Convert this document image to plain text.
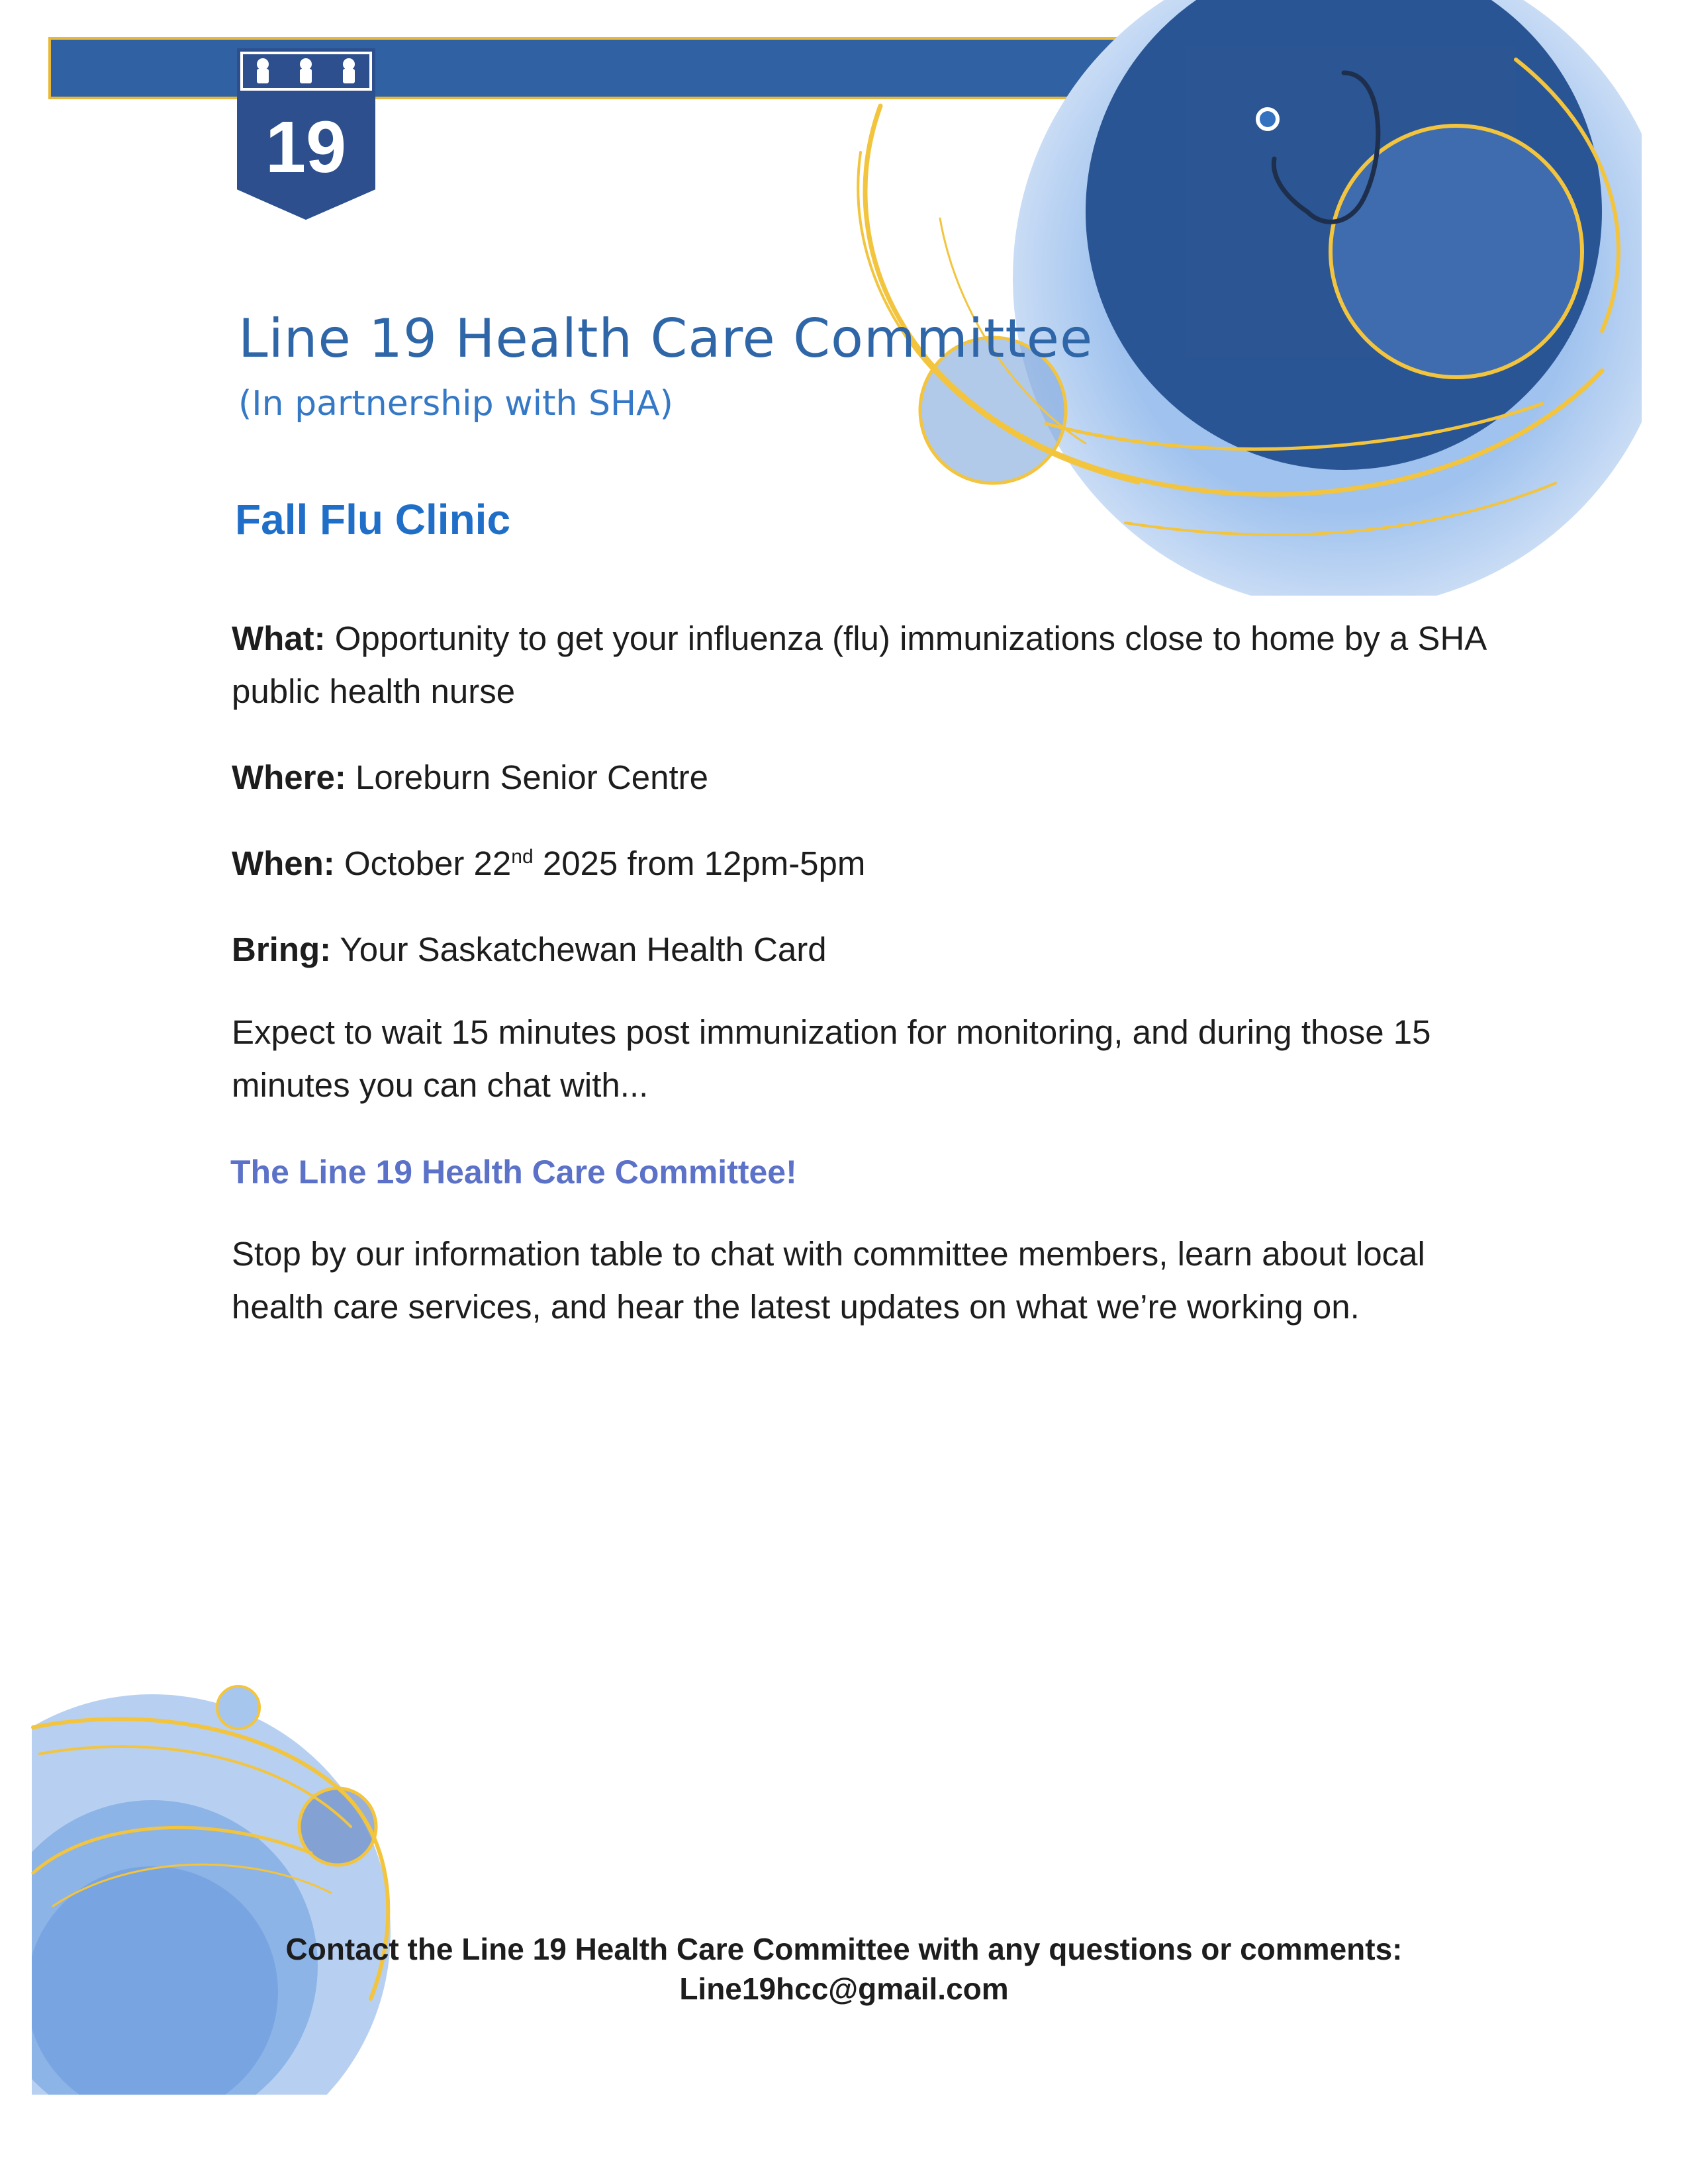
19
Line 19 Health Care Committee
(In partnership with SHA)
Fall Flu Clinic
What: Opportunity to get your influenza (flu) immunizations close to home by a SHA public health nurse
Where: Loreburn Senior Centre
When: October 22nd 2025 from 12pm-5pm
Bring: Your Saskatchewan Health Card
Expect to wait 15 minutes post immunization for monitoring, and during those 15 minutes you can chat with...
The Line 19 Health Care Committee!
Stop by our information table to chat with committee members, learn about local health care services, and hear the latest updates on what we’re working on.
Contact the Line 19 Health Care Committee with any questions or comments:
Line19hcc@gmail.com
